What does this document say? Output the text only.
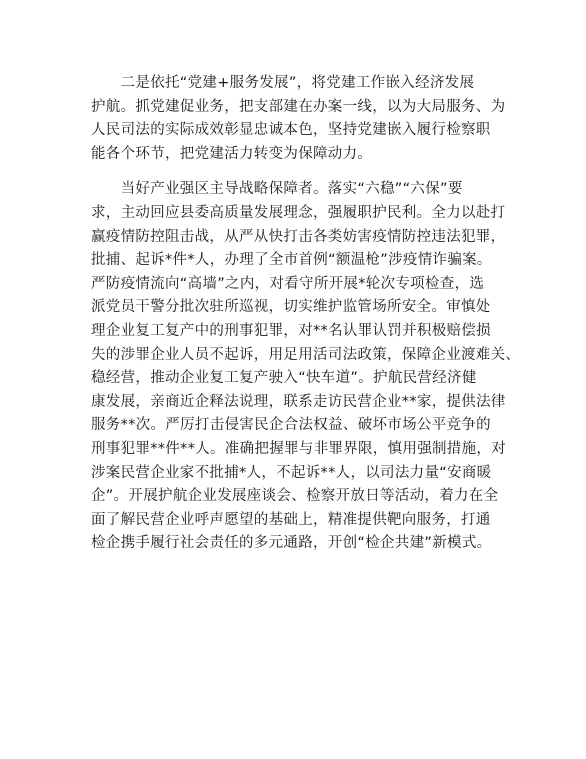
　　二是依托“党建+服务发展”，将党建工作嵌入经济发展
护航。抓党建促业务，把支部建在办案一线，以为大局服务、为
人民司法的实际成效彰显忠诚本色，坚持党建嵌入履行检察职
能各个环节，把党建活力转变为保障动力。
　　当好产业强区主导战略保障者。落实“六稳”“六保”要
求，主动回应县委高质量发展理念，强履职护民利。全力以赴打
赢疫情防控阻击战，从严从快打击各类妨害疫情防控违法犯罪，
批捕、起诉*件*人，办理了全市首例“额温枪”涉疫情诈骗案。
严防疫情流向“高墙”之内，对看守所开展*轮次专项检查，选
派党员干警分批次驻所巡视，切实维护监管场所安全。审慎处
理企业复工复产中的刑事犯罪，对**名认罪认罚并积极赔偿损
失的涉罪企业人员不起诉，用足用活司法政策，保障企业渡难关、
稳经营，推动企业复工复产驶入“快车道”。护航民营经济健
康发展，亲商近企释法说理，联系走访民营企业**家，提供法律
服务**次。严厉打击侵害民企合法权益、破坏市场公平竞争的
刑事犯罪**件**人。准确把握罪与非罪界限，慎用强制措施，对
涉案民营企业家不批捕*人，不起诉**人，以司法力量“安商暖
企”。开展护航企业发展座谈会、检察开放日等活动，着力在全
面了解民营企业呼声愿望的基础上，精准提供靶向服务，打通
检企携手履行社会责任的多元通路，开创“检企共建”新模式。
